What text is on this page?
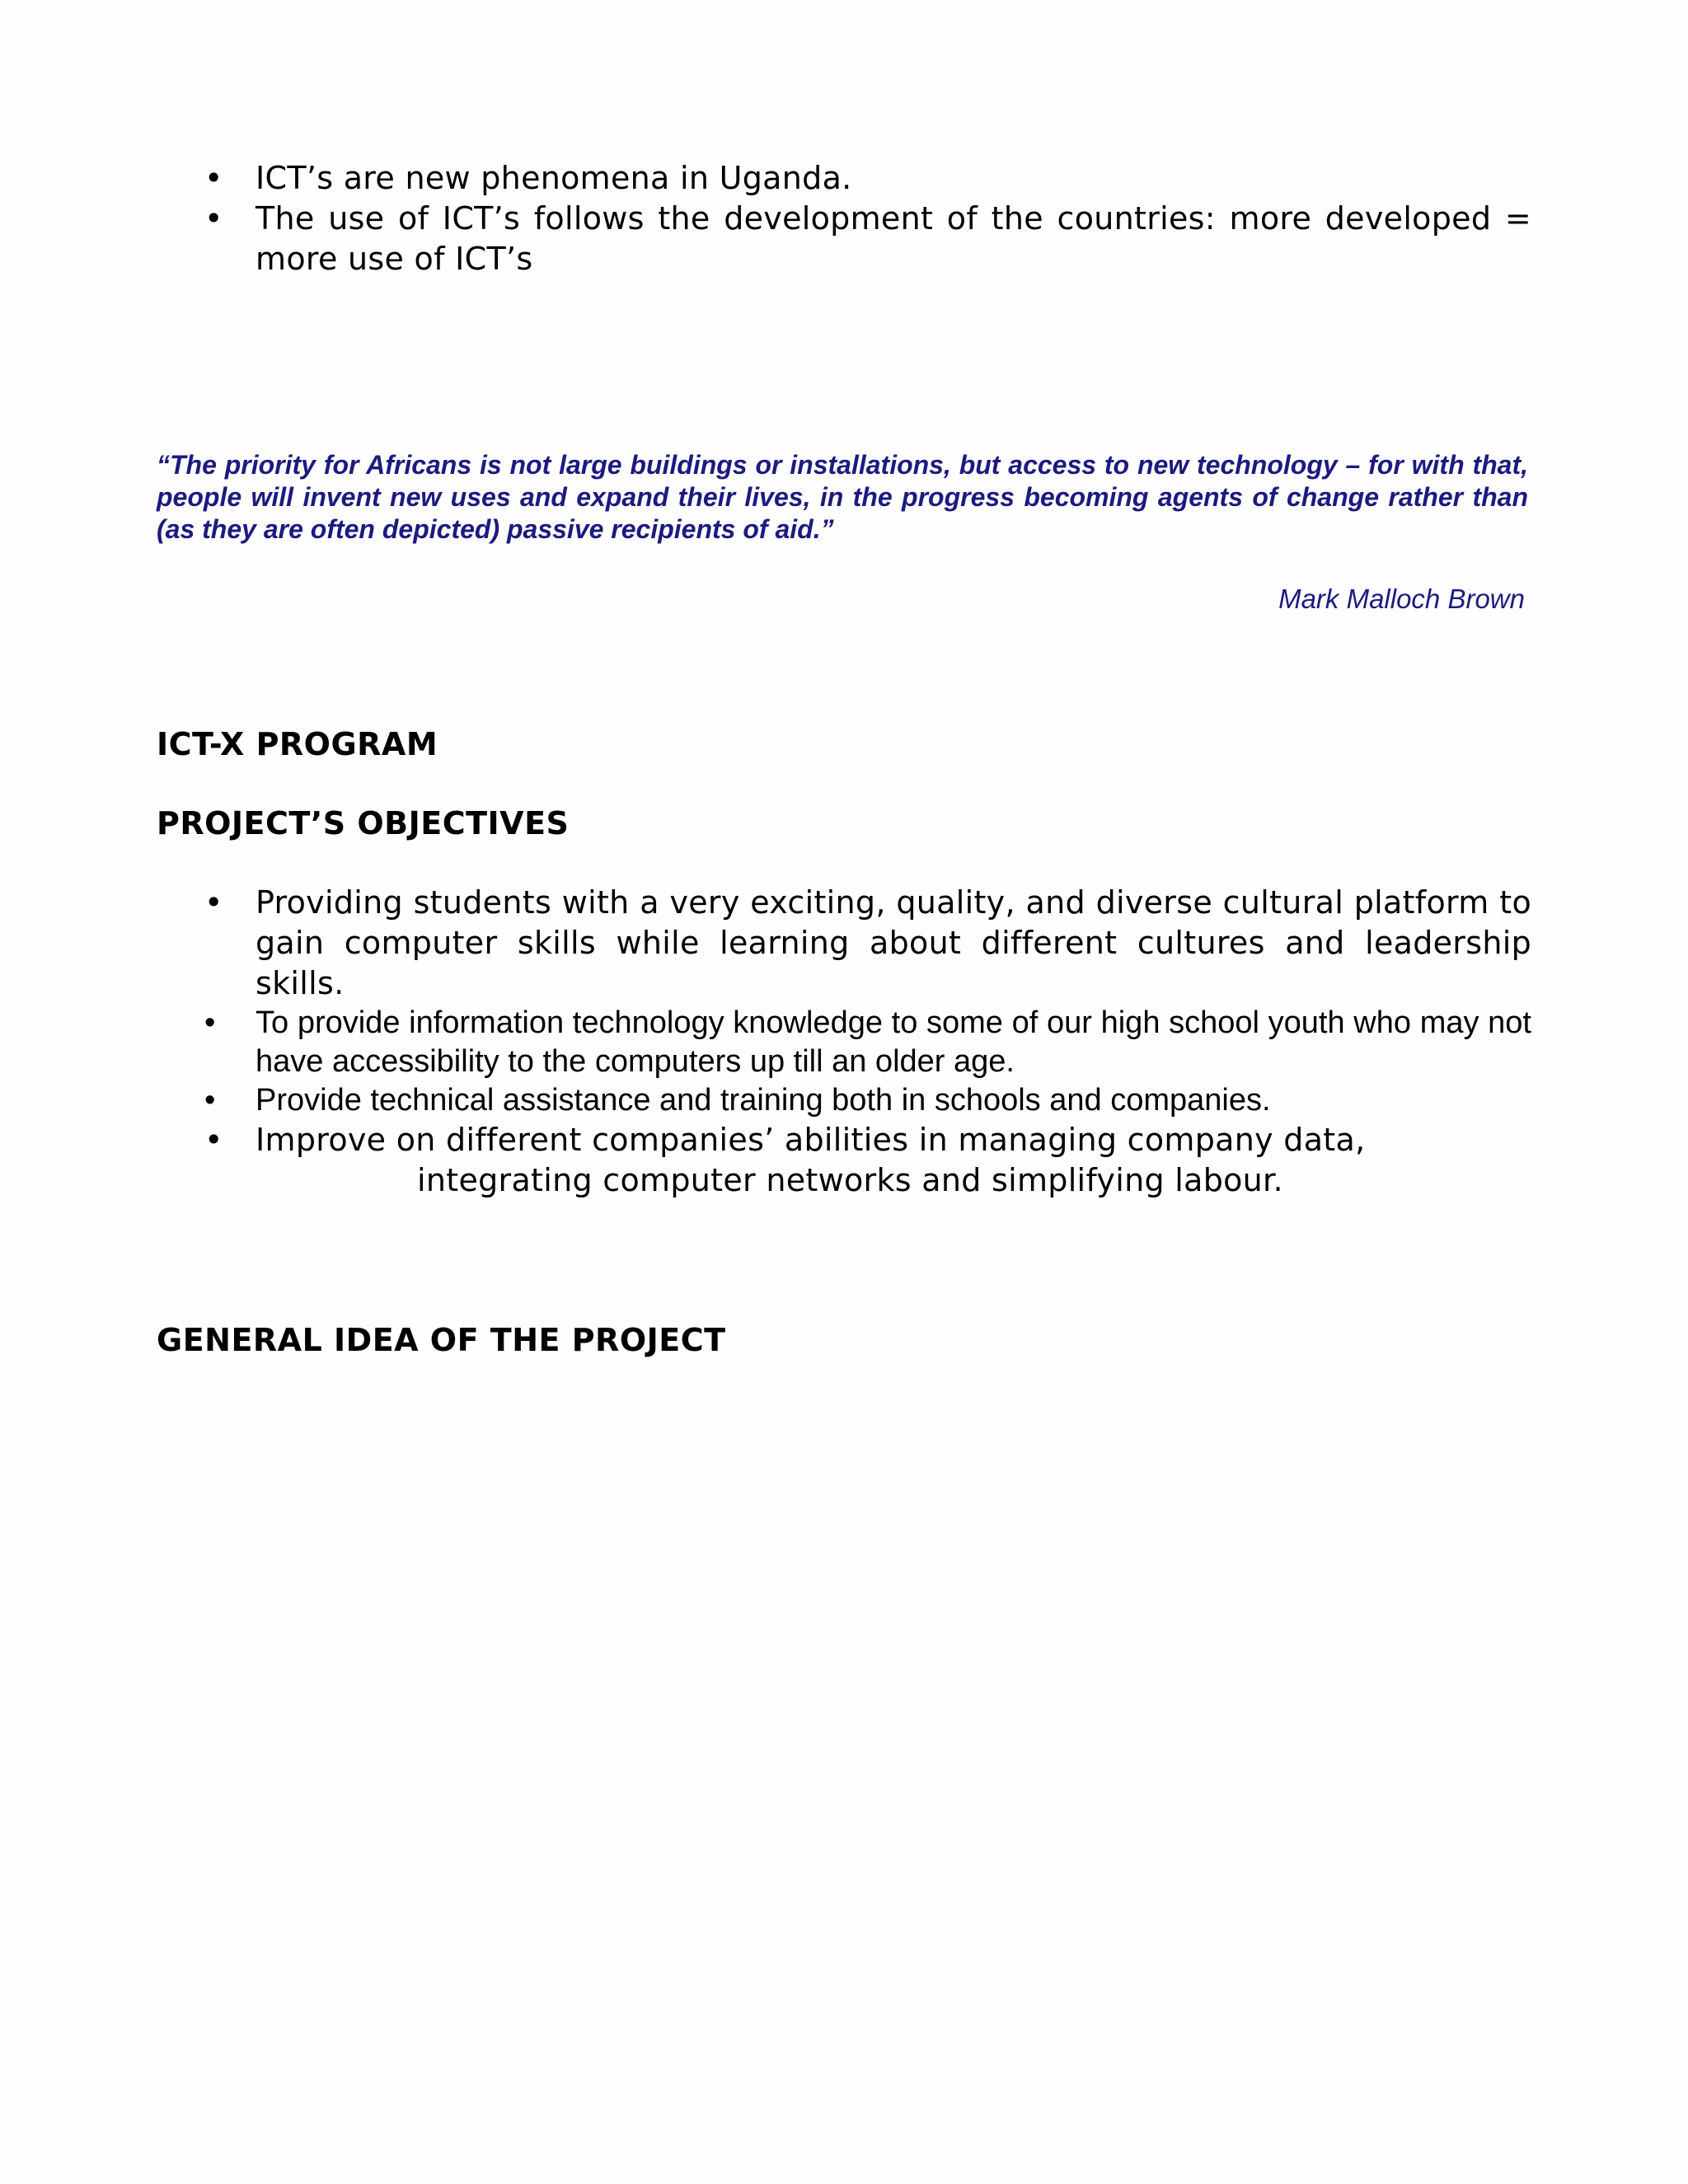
• ICT’s are new phenomena in Uganda.
• The use of ICT’s follows the development of the countries: more developed = more use of ICT’s
“The priority for Africans is not large buildings or installations, but access to new technology – for with that, people will invent new uses and expand their lives, in the progress becoming agents of change rather than (as they are often depicted) passive recipients of aid.”
Mark Malloch Brown
ICT-X PROGRAM
PROJECT’S OBJECTIVES
• Providing students with a very exciting, quality, and diverse cultural platform to gain computer skills while learning about different cultures and leadership skills.
• To provide information technology knowledge to some of our high school youth who may not have accessibility to the computers up till an older age.
• Provide technical assistance and training both in schools and companies.
• Improve on different companies’ abilities in managing company data,
integrating computer networks and simplifying labour.
GENERAL IDEA OF THE PROJECT
